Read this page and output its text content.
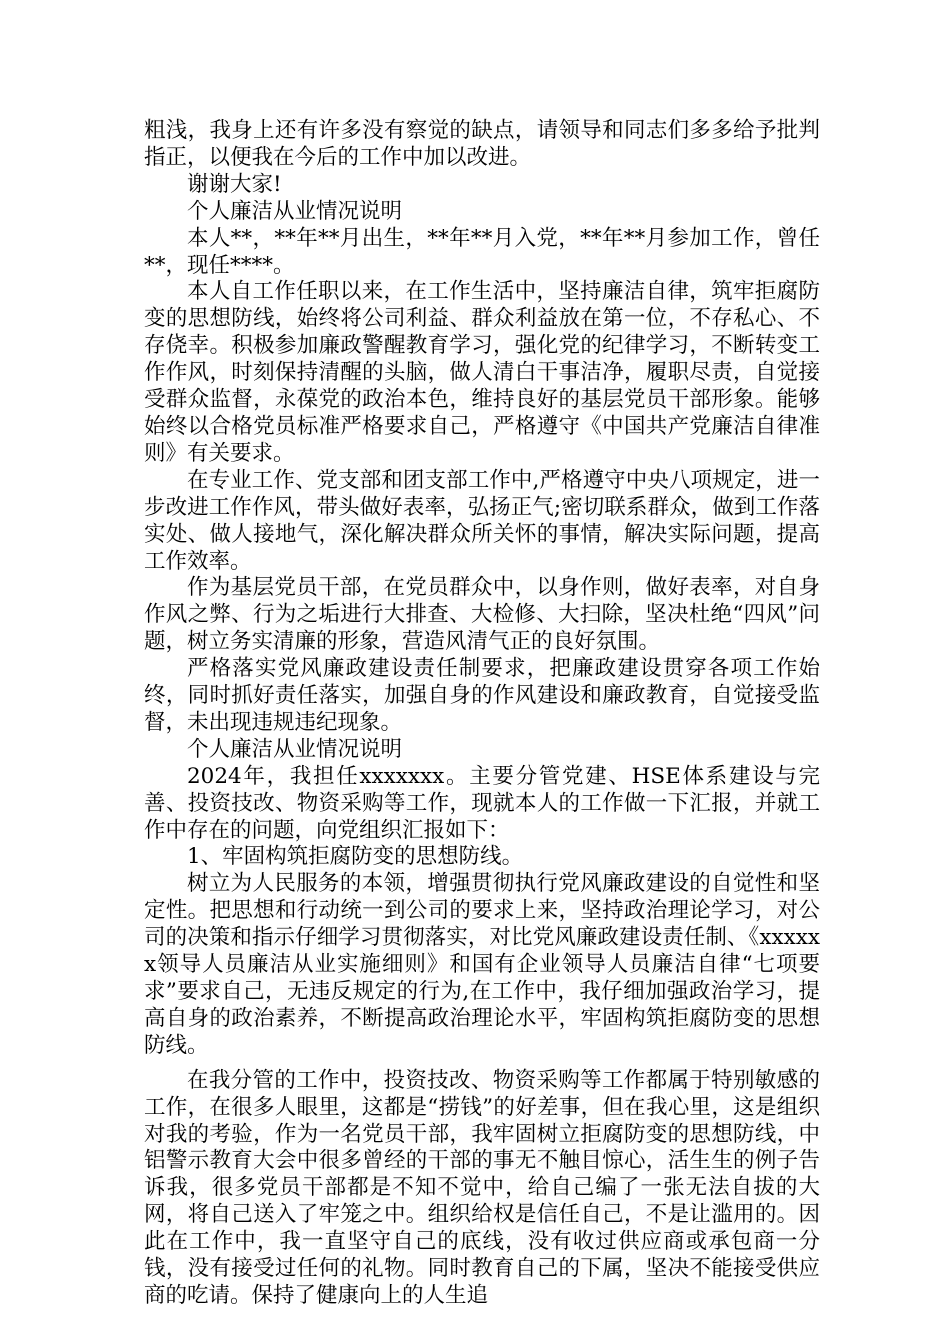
粗浅，我身上还有许多没有察觉的缺点，请领导和同志们多多给予批判指正，以便我在今后的工作中加以改进。

谢谢大家!

个人廉洁从业情况说明

本人**，**年**月出生，**年**月入党，**年**月参加工作，曾任**，现任****。

本人自工作任职以来，在工作生活中，坚持廉洁自律，筑牢拒腐防变的思想防线，始终将公司利益、群众利益放在第一位，不存私心、不存侥幸。积极参加廉政警醒教育学习，强化党的纪律学习，不断转变工作作风，时刻保持清醒的头脑，做人清白干事洁净，履职尽责，自觉接受群众监督，永葆党的政治本色，维持良好的基层党员干部形象。能够始终以合格党员标准严格要求自己，严格遵守《中国共产党廉洁自律准则》有关要求。

在专业工作、党支部和团支部工作中,严格遵守中央八项规定，进一步改进工作作风，带头做好表率，弘扬正气;密切联系群众，做到工作落实处、做人接地气，深化解决群众所关怀的事情，解决实际问题，提高工作效率。

作为基层党员干部，在党员群众中，以身作则，做好表率，对自身作风之弊、行为之垢进行大排查、大检修、大扫除，坚决杜绝“四风”问题，树立务实清廉的形象，营造风清气正的良好氛围。

严格落实党风廉政建设责任制要求，把廉政建设贯穿各项工作始终，同时抓好责任落实，加强自身的作风建设和廉政教育，自觉接受监督，未出现违规违纪现象。

个人廉洁从业情况说明

2024年，我担任xxxxxxx。主要分管党建、HSE体系建设与完善、投资技改、物资采购等工作，现就本人的工作做一下汇报，并就工作中存在的问题，向党组织汇报如下：

1、牢固构筑拒腐防变的思想防线。

树立为人民服务的本领，增强贯彻执行党风廉政建设的自觉性和坚定性。把思想和行动统一到公司的要求上来，坚持政治理论学习，对公司的决策和指示仔细学习贯彻落实，对比党风廉政建设责任制、《xxxxxx领导人员廉洁从业实施细则》和国有企业领导人员廉洁自律“七项要求”要求自己，无违反规定的行为,在工作中，我仔细加强政治学习，提高自身的政治素养，不断提高政治理论水平，牢固构筑拒腐防变的思想防线。

在我分管的工作中，投资技改、物资采购等工作都属于特别敏感的工作，在很多人眼里，这都是“捞钱”的好差事，但在我心里，这是组织对我的考验，作为一名党员干部，我牢固树立拒腐防变的思想防线，中铝警示教育大会中很多曾经的干部的事无不触目惊心，活生生的例子告诉我，很多党员干部都是不知不觉中，给自己编了一张无法自拔的大网，将自己送入了牢笼之中。组织给权是信任自己，不是让滥用的。因此在工作中，我一直坚守自己的底线，没有收过供应商或承包商一分钱，没有接受过任何的礼物。同时教育自己的下属，坚决不能接受供应商的吃请。保持了健康向上的人生追
